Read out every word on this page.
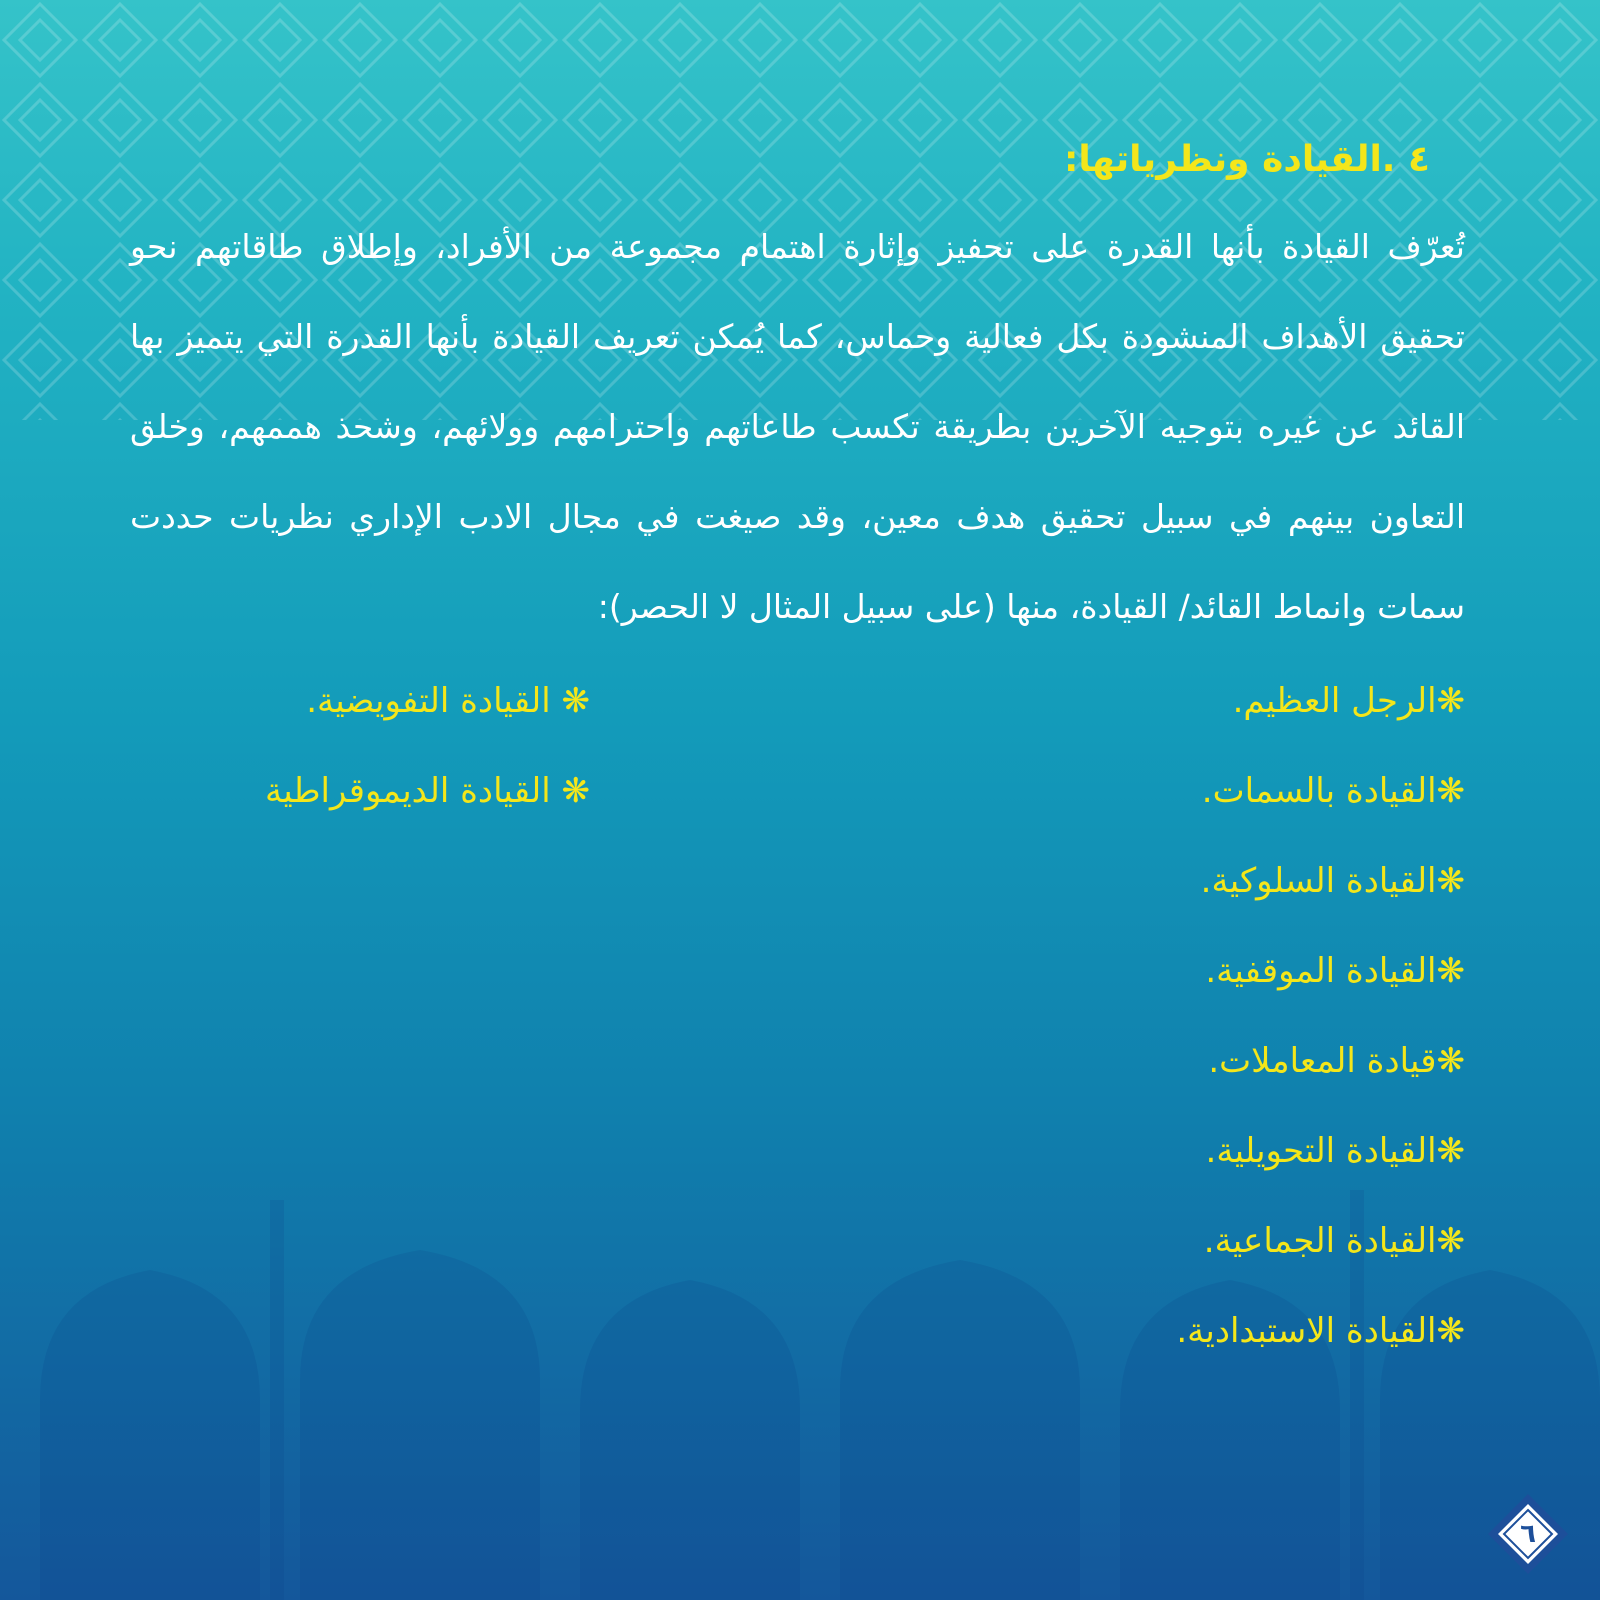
٤ .القيادة ونظرياتها:

تُعرّف القيادة بأنها القدرة على تحفيز وإثارة اهتمام مجموعة من الأفراد، وإطلاق طاقاتهم نحو تحقيق الأهداف المنشودة بكل فعالية وحماس، كما يُمكن تعريف القيادة بأنها القدرة التي يتميز بها القائد عن غيره بتوجيه الآخرين بطريقة تكسب طاعاتهم واحترامهم وولائهم، وشحذ هممهم، وخلق التعاون بينهم في سبيل تحقيق هدف معين، وقد صيغت في مجال الادب الإداري نظريات حددت سمات وانماط القائد/ القيادة، منها (على سبيل المثال لا الحصر):

❋الرجل العظيم.
❋القيادة بالسمات.
❋القيادة السلوكية.
❋القيادة الموقفية.
❋قيادة المعاملات.
❋القيادة التحويلية.
❋القيادة الجماعية.
❋القيادة الاستبدادية.
❋ القيادة التفويضية.
❋ القيادة الديموقراطية
٦
